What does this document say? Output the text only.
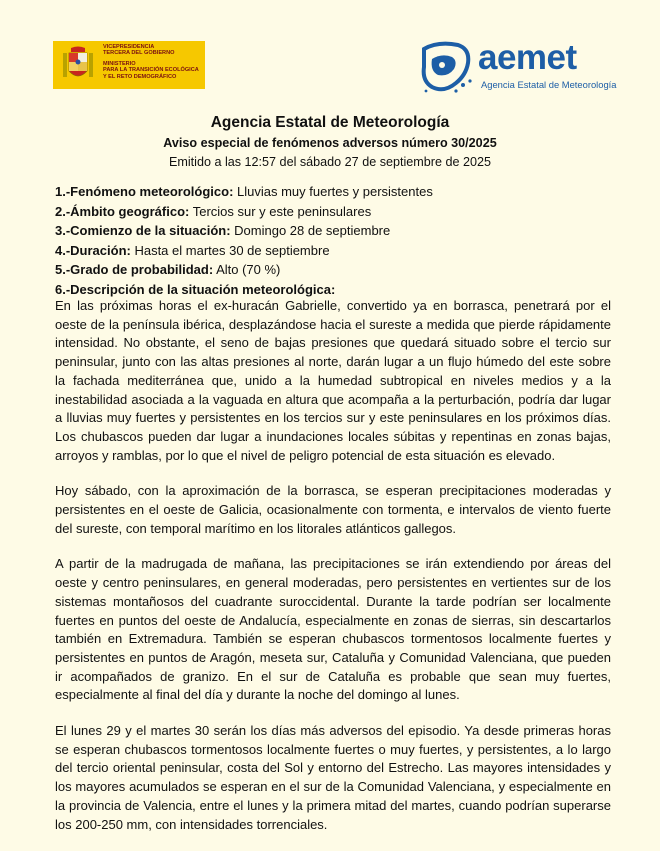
VICEPRESIDENCIA
TERCERA DEL GOBIERNO
MINISTERIO
PARA LA TRANSICIÓN ECOLÓGICA
Y EL RETO DEMOGRÁFICO	aemet
Agencia Estatal de Meteorología
Agencia Estatal de Meteorología
Aviso especial de fenómenos adversos número 30/2025
Emitido a las 12:57 del sábado 27 de septiembre de 2025
1.-Fenómeno meteorológico: Lluvias muy fuertes y persistentes
2.-Ámbito geográfico: Tercios sur y este peninsulares
3.-Comienzo de la situación: Domingo 28 de septiembre
4.-Duración: Hasta el martes 30 de septiembre
5.-Grado de probabilidad: Alto (70 %)
6.-Descripción de la situación meteorológica:

En las próximas horas el ex-huracán Gabrielle, convertido ya en borrasca, penetrará por el oeste de la península ibérica, desplazándose hacia el sureste a medida que pierde rápidamente intensidad. No obstante, el seno de bajas presiones que quedará situado sobre el tercio sur peninsular, junto con las altas presiones al norte, darán lugar a un flujo húmedo del este sobre la fachada mediterránea que, unido a la humedad subtropical en niveles medios y a la inestabilidad asociada a la vaguada en altura que acompaña a la perturbación, podría dar lugar a lluvias muy fuertes y persistentes en los tercios sur y este peninsulares en los próximos días. Los chubascos pueden dar lugar a inundaciones locales súbitas y repentinas en zonas bajas, arroyos y ramblas, por lo que el nivel de peligro potencial de esta situación es elevado.

Hoy sábado, con la aproximación de la borrasca, se esperan precipitaciones moderadas y persistentes en el oeste de Galicia, ocasionalmente con tormenta, e intervalos de viento fuerte del sureste, con temporal marítimo en los litorales atlánticos gallegos.

A partir de la madrugada de mañana, las precipitaciones se irán extendiendo por áreas del oeste y centro peninsulares, en general moderadas, pero persistentes en vertientes sur de los sistemas montañosos del cuadrante suroccidental. Durante la tarde podrían ser localmente fuertes en puntos del oeste de Andalucía, especialmente en zonas de sierras, sin descartarlos también en Extremadura. También se esperan chubascos tormentosos localmente fuertes y persistentes en puntos de Aragón, meseta sur, Cataluña y Comunidad Valenciana, que pueden ir acompañados de granizo. En el sur de Cataluña es probable que sean muy fuertes, especialmente al final del día y durante la noche del domingo al lunes.

El lunes 29 y el martes 30 serán los días más adversos del episodio. Ya desde primeras horas se esperan chubascos tormentosos localmente fuertes o muy fuertes, y persistentes, a lo largo del tercio oriental peninsular, costa del Sol y entorno del Estrecho. Las mayores intensidades y los mayores acumulados se esperan en el sur de la Comunidad Valenciana, y especialmente en la provincia de Valencia, entre el lunes y la primera mitad del martes, cuando podrían superarse los 200-250 mm, con intensidades torrenciales.
